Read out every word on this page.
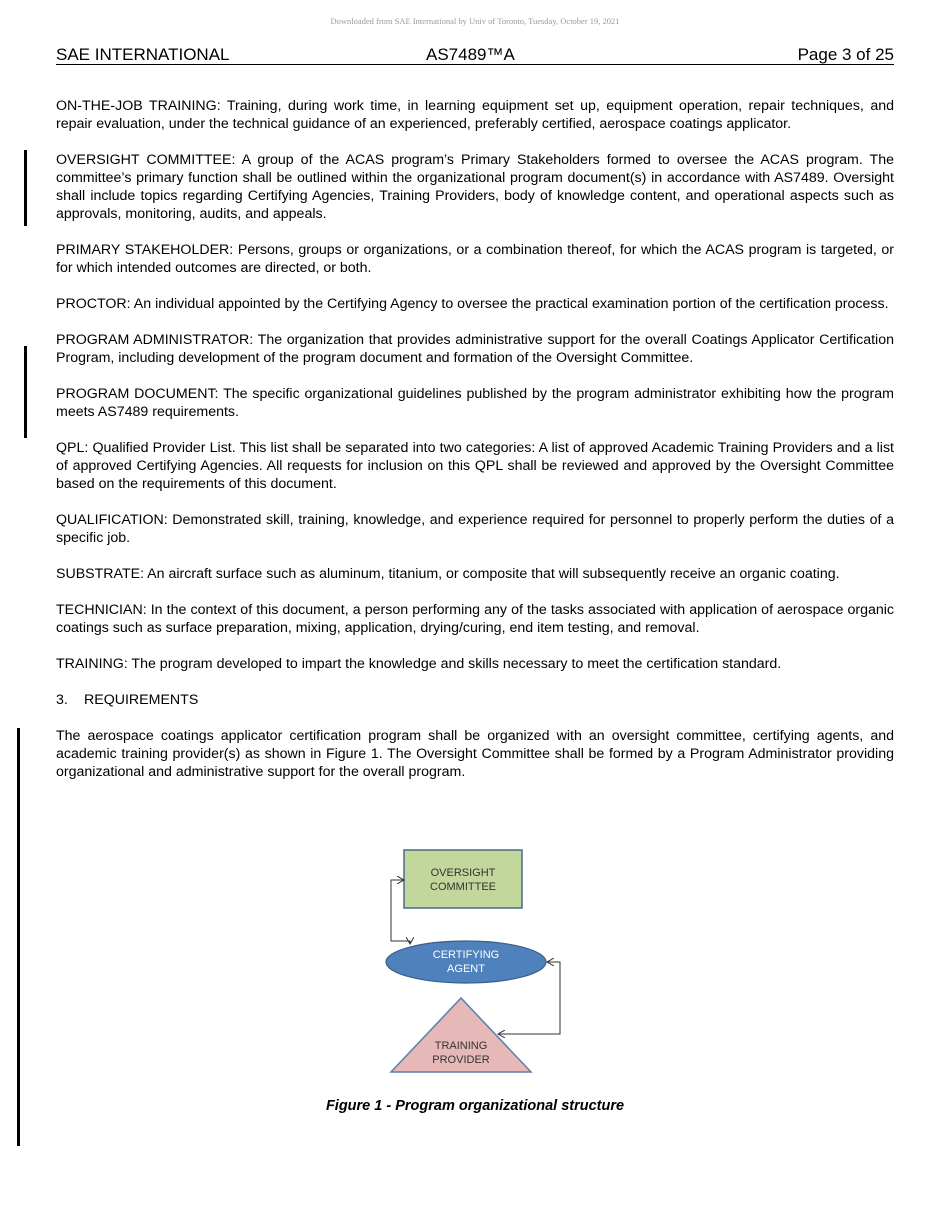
Downloaded from SAE International by Univ of Toronto, Tuesday, October 19, 2021
SAE INTERNATIONAL	AS7489™A	Page 3 of 25

ON-THE-JOB TRAINING: Training, during work time, in learning equipment set up, equipment operation, repair techniques, and repair evaluation, under the technical guidance of an experienced, preferably certified, aerospace coatings applicator.

OVERSIGHT COMMITTEE: A group of the ACAS program’s Primary Stakeholders formed to oversee the ACAS program. The committee’s primary function shall be outlined within the organizational program document(s) in accordance with AS7489. Oversight shall include topics regarding Certifying Agencies, Training Providers, body of knowledge content, and operational aspects such as approvals, monitoring, audits, and appeals.

PRIMARY STAKEHOLDER: Persons, groups or organizations, or a combination thereof, for which the ACAS program is targeted, or for which intended outcomes are directed, or both.

PROCTOR: An individual appointed by the Certifying Agency to oversee the practical examination portion of the certification process.

PROGRAM ADMINISTRATOR: The organization that provides administrative support for the overall Coatings Applicator Certification Program, including development of the program document and formation of the Oversight Committee.

PROGRAM DOCUMENT: The specific organizational guidelines published by the program administrator exhibiting how the program meets AS7489 requirements.

QPL: Qualified Provider List. This list shall be separated into two categories: A list of approved Academic Training Providers and a list of approved Certifying Agencies. All requests for inclusion on this QPL shall be reviewed and approved by the Oversight Committee based on the requirements of this document.

QUALIFICATION: Demonstrated skill, training, knowledge, and experience required for personnel to properly perform the duties of a specific job.

SUBSTRATE: An aircraft surface such as aluminum, titanium, or composite that will subsequently receive an organic coating.

TECHNICIAN: In the context of this document, a person performing any of the tasks associated with application of aerospace organic coatings such as surface preparation, mixing, application, drying/curing, end item testing, and removal.

TRAINING: The program developed to impart the knowledge and skills necessary to meet the certification standard.

3. REQUIREMENTS

The aerospace coatings applicator certification program shall be organized with an oversight committee, certifying agents, and academic training provider(s) as shown in Figure 1. The Oversight Committee shall be formed by a Program Administrator providing organizational and administrative support for the overall program.

OVERSIGHT
COMMITTEE
CERTIFYING
AGENT
TRAINING
PROVIDER
Figure 1 - Program organizational structure
